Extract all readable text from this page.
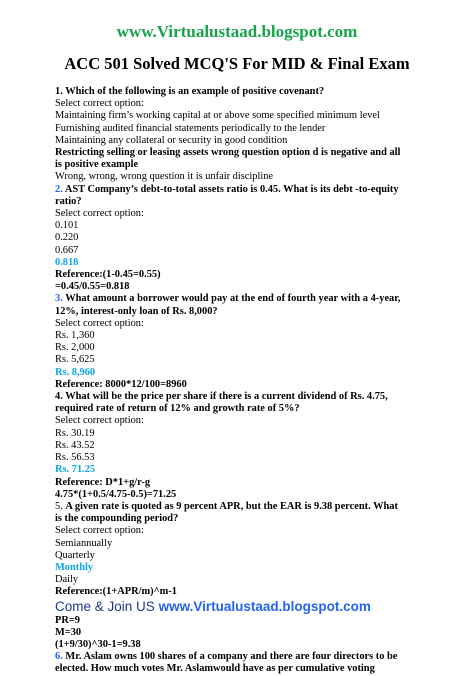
www.Virtualustaad.blogspot.com
ACC 501 Solved MCQ'S For MID & Final Exam
1. Which of the following is an example of positive covenant?
Select correct option:
Maintaining firm’s working capital at or above some specified minimum level
Furnishing audited financial statements periodically to the lender
Maintaining any collateral or security in good condition
Restricting selling or leasing assets wrong question option d is negative and all is positive example
Wrong, wrong, wrong question it is unfair discipline
2. AST Company’s debt-to-total assets ratio is 0.45. What is its debt -to-equity ratio?
Select correct option:
0.101
0.220
0.667
0.818
Reference:(1-0.45=0.55)
=0.45/0.55=0.818
3. What amount a borrower would pay at the end of fourth year with a 4-year, 12%, interest-only loan of Rs. 8,000?
Select correct option:
Rs. 1,360
Rs. 2,000
Rs. 5,625
Rs. 8,960
Reference: 8000*12/100=8960
4. What will be the price per share if there is a current dividend of Rs. 4.75, required rate of return of 12% and growth rate of 5%?
Select correct option:
Rs. 30.19
Rs. 43.52
Rs. 56.53
Rs. 71.25
Reference: D*1+g/r-g
4.75*(1+0.5/4.75-0.5)=71.25
5. A given rate is quoted as 9 percent APR, but the EAR is 9.38 percent. What is the compounding period?
Select correct option:
Semiannually
Quarterly
Monthly
Daily
Reference:(1+APR/m)^m-1
Come & Join US www.Virtualustaad.blogspot.com
PR=9
M=30
(1+9/30)^30-1=9.38
6. Mr. Aslam owns 100 shares of a company and there are four directors to be elected. How much votes Mr. Aslamwould have as per cumulative voting
